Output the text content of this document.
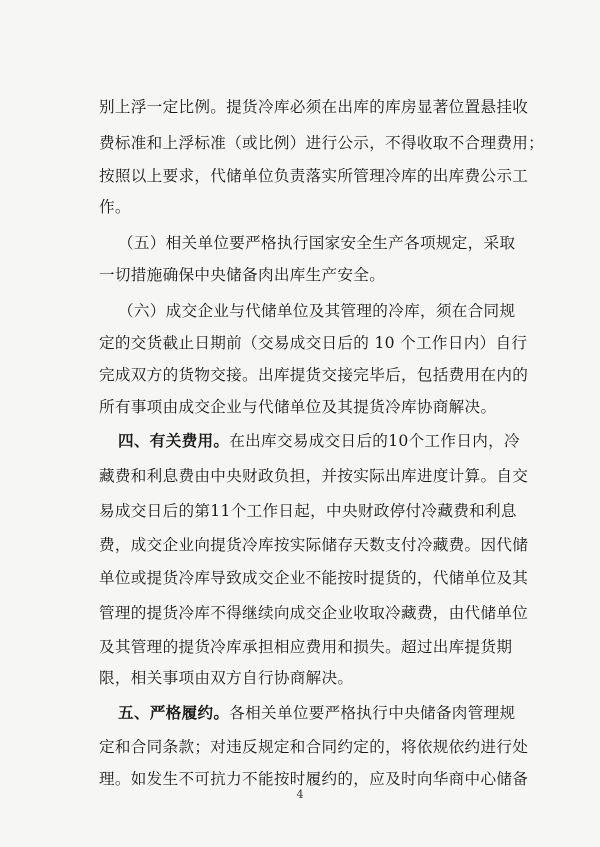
别上浮一定比例。提货冷库必须在出库的库房显著位置悬挂收
费标准和上浮标准（或比例）进行公示，不得收取不合理费用；
按照以上要求，代储单位负责落实所管理冷库的出库费公示工
作。
（五）相关单位要严格执行国家安全生产各项规定，采取
一切措施确保中央储备肉出库生产安全。
（六）成交企业与代储单位及其管理的冷库，须在合同规
定的交货截止日期前（交易成交日后的 10 个工作日内）自行
完成双方的货物交接。出库提货交接完毕后，包括费用在内的
所有事项由成交企业与代储单位及其提货冷库协商解决。
四、有关费用。在出库交易成交日后的10个工作日内，冷
藏费和利息费由中央财政负担，并按实际出库进度计算。自交
易成交日后的第11个工作日起，中央财政停付冷藏费和利息
费，成交企业向提货冷库按实际储存天数支付冷藏费。因代储
单位或提货冷库导致成交企业不能按时提货的，代储单位及其
管理的提货冷库不得继续向成交企业收取冷藏费，由代储单位
及其管理的提货冷库承担相应费用和损失。超过出库提货期
限，相关事项由双方自行协商解决。
五、严格履约。各相关单位要严格执行中央储备肉管理规
定和合同条款；对违反规定和合同约定的，将依规依约进行处
理。如发生不可抗力不能按时履约的，应及时向华商中心储备
4
